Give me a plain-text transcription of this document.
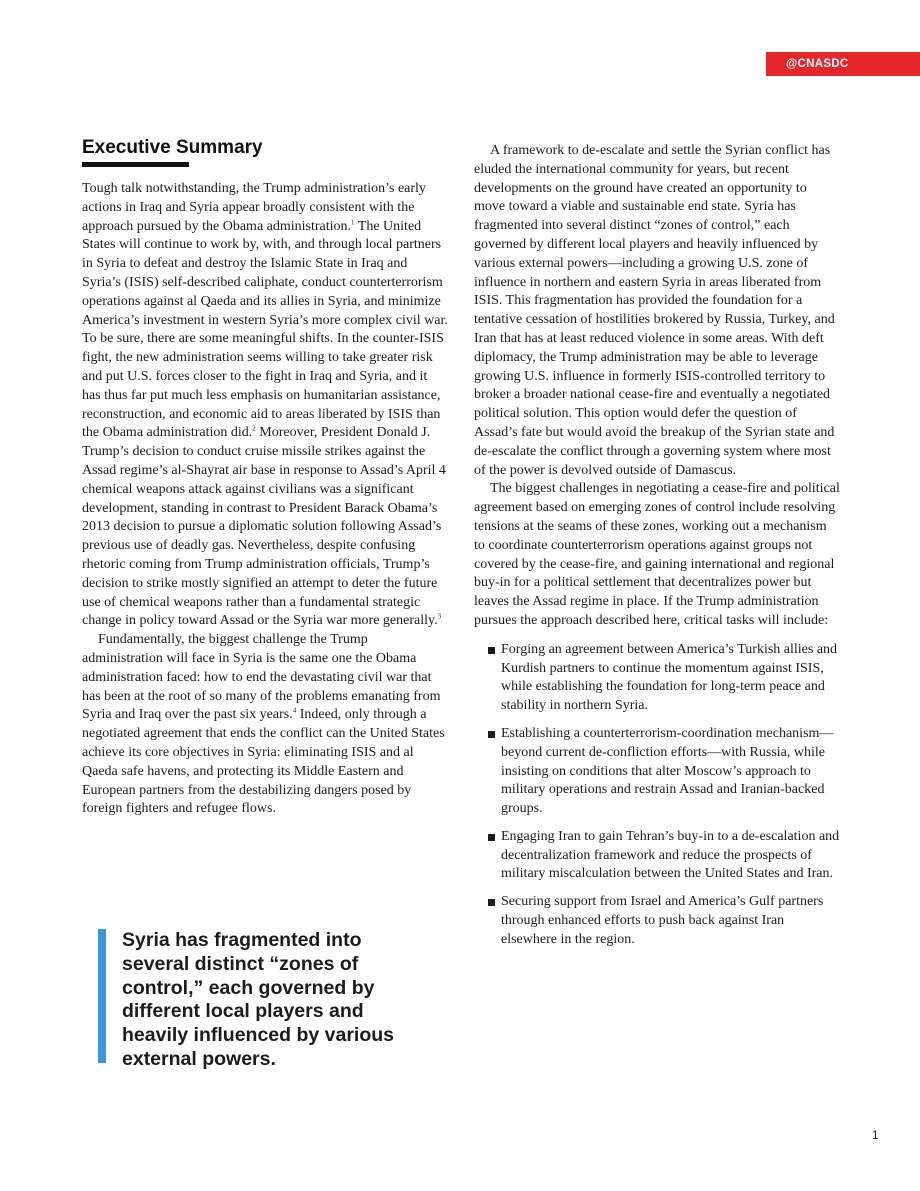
@CNASDC
Executive Summary

Tough talk notwithstanding, the Trump administration’s early actions in Iraq and Syria appear broadly consistent with the approach pursued by the Obama administration.$^1$ The United States will continue to work by, with, and through local partners in Syria to defeat and destroy the Islamic State in Iraq and Syria’s (ISIS) self-described caliphate, conduct counterterrorism operations against al Qaeda and its allies in Syria, and minimize America’s investment in western Syria’s more complex civil war. To be sure, there are some meaningful shifts. In the counter-ISIS fight, the new administration seems willing to take greater risk and put U.S. forces closer to the fight in Iraq and Syria, and it has thus far put much less emphasis on humanitarian assistance, reconstruction, and economic aid to areas liberated by ISIS than the Obama administration did.$^2$ Moreover, President Donald J. Trump’s decision to conduct cruise missile strikes against the Assad regime’s al-Shayrat air base in response to Assad’s April 4 chemical weapons attack against civilians was a significant development, standing in contrast to President Barack Obama’s 2013 decision to pursue a diplomatic solution following Assad’s previous use of deadly gas. Nevertheless, despite confusing rhetoric coming from Trump administration officials, Trump’s decision to strike mostly signified an attempt to deter the future use of chemical weapons rather than a fundamental strategic change in policy toward Assad or the Syria war more generally.$^3$

Fundamentally, the biggest challenge the Trump administration will face in Syria is the same one the Obama administration faced: how to end the devastating civil war that has been at the root of so many of the problems emanating from Syria and Iraq over the past six years.$^4$ Indeed, only through a negotiated agreement that ends the conflict can the United States achieve its core objectives in Syria: eliminating ISIS and al Qaeda safe havens, and protecting its Middle Eastern and European partners from the destabilizing dangers posed by foreign fighters and refugee flows.

Syria has fragmented into several distinct “zones of control,” each governed by different local players and heavily influenced by various external powers.

A framework to de-escalate and settle the Syrian conflict has eluded the international community for years, but recent developments on the ground have created an opportunity to move toward a viable and sustainable end state. Syria has fragmented into several distinct “zones of control,” each governed by different local players and heavily influenced by various external powers—including a growing U.S. zone of influence in northern and eastern Syria in areas liberated from ISIS. This fragmentation has provided the foundation for a tentative cessation of hostilities brokered by Russia, Turkey, and Iran that has at least reduced violence in some areas. With deft diplomacy, the Trump administration may be able to leverage growing U.S. influence in formerly ISIS-controlled territory to broker a broader national cease-fire and eventually a negotiated political solution. This option would defer the question of Assad’s fate but would avoid the breakup of the Syrian state and de-escalate the conflict through a governing system where most of the power is devolved outside of Damascus.

The biggest challenges in negotiating a cease-fire and political agreement based on emerging zones of control include resolving tensions at the seams of these zones, working out a mechanism to coordinate counterterrorism operations against groups not covered by the cease-fire, and gaining international and regional buy-in for a political settlement that decentralizes power but leaves the Assad regime in place. If the Trump administration pursues the approach described here, critical tasks will include:

Forging an agreement between America’s Turkish allies and Kurdish partners to continue the momentum against ISIS, while establishing the foundation for long-term peace and stability in northern Syria.
Establishing a counterterrorism-coordination mechanism—beyond current de-confliction efforts—with Russia, while insisting on conditions that alter Moscow’s approach to military operations and restrain Assad and Iranian-backed groups.
Engaging Iran to gain Tehran’s buy-in to a de-escalation and decentralization framework and reduce the prospects of military miscalculation between the United States and Iran.
Securing support from Israel and America’s Gulf partners through enhanced efforts to push back against Iran elsewhere in the region.
1
